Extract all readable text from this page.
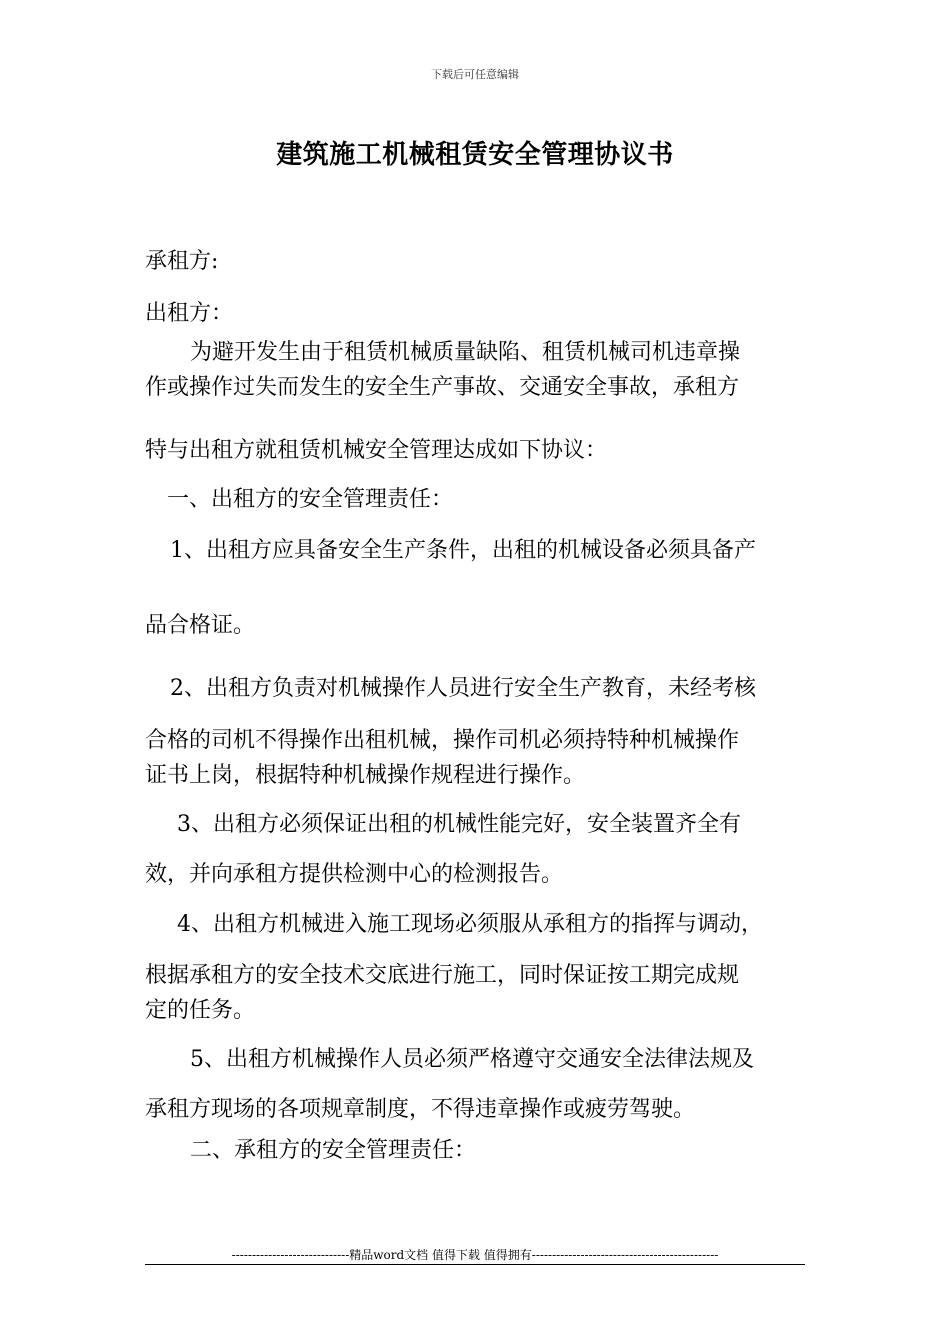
下载后可任意编辑
建筑施工机械租赁安全管理协议书
承租方:
出租方：
为避开发生由于租赁机械质量缺陷、租赁机械司机违章操
作或操作过失而发生的安全生产事故、交通安全事故，承租方
特与出租方就租赁机械安全管理达成如下协议：
一、出租方的安全管理责任：
1、出租方应具备安全生产条件，出租的机械设备必须具备产
品合格证。
2、出租方负责对机械操作人员进行安全生产教育，未经考核
合格的司机不得操作出租机械，操作司机必须持特种机械操作
证书上岗，根据特种机械操作规程进行操作。
3、出租方必须保证出租的机械性能完好，安全装置齐全有
效，并向承租方提供检测中心的检测报告。
4、出租方机械进入施工现场必须服从承租方的指挥与调动，
根据承租方的安全技术交底进行施工，同时保证按工期完成规
定的任务。
5、出租方机械操作人员必须严格遵守交通安全法律法规及
承租方现场的各项规章制度，不得违章操作或疲劳驾驶。
二、承租方的安全管理责任：
-----------------------------精品word文档 值得下载 值得拥有----------------------------------------------
